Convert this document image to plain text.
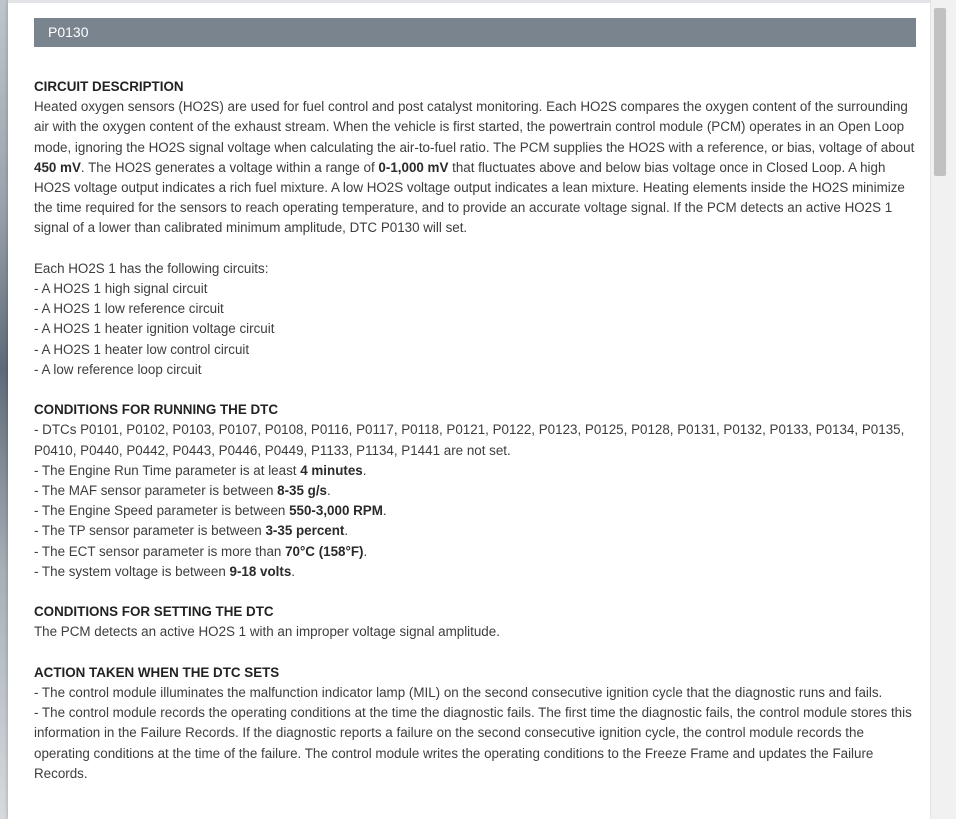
P0130

CIRCUIT DESCRIPTION

Heated oxygen sensors (HO2S) are used for fuel control and post catalyst monitoring. Each HO2S compares the oxygen content of the surrounding air with the oxygen content of the exhaust stream. When the vehicle is first started, the powertrain control module (PCM) operates in an Open Loop mode, ignoring the HO2S signal voltage when calculating the air-to-fuel ratio. The PCM supplies the HO2S with a reference, or bias, voltage of about 450 mV. The HO2S generates a voltage within a range of 0-1,000 mV that fluctuates above and below bias voltage once in Closed Loop. A high HO2S voltage output indicates a rich fuel mixture. A low HO2S voltage output indicates a lean mixture. Heating elements inside the HO2S minimize the time required for the sensors to reach operating temperature, and to provide an accurate voltage signal. If the PCM detects an active HO2S 1 signal of a lower than calibrated minimum amplitude, DTC P0130 will set.

Each HO2S 1 has the following circuits:

- A HO2S 1 high signal circuit

- A HO2S 1 low reference circuit

- A HO2S 1 heater ignition voltage circuit

- A HO2S 1 heater low control circuit

- A low reference loop circuit

CONDITIONS FOR RUNNING THE DTC

- DTCs P0101, P0102, P0103, P0107, P0108, P0116, P0117, P0118, P0121, P0122, P0123, P0125, P0128, P0131, P0132, P0133, P0134, P0135, P0410, P0440, P0442, P0443, P0446, P0449, P1133, P1134, P1441 are not set.

- The Engine Run Time parameter is at least 4 minutes.

- The MAF sensor parameter is between 8-35 g/s.

- The Engine Speed parameter is between 550-3,000 RPM.

- The TP sensor parameter is between 3-35 percent.

- The ECT sensor parameter is more than 70°C (158°F).

- The system voltage is between 9-18 volts.

CONDITIONS FOR SETTING THE DTC

The PCM detects an active HO2S 1 with an improper voltage signal amplitude.

ACTION TAKEN WHEN THE DTC SETS

- The control module illuminates the malfunction indicator lamp (MIL) on the second consecutive ignition cycle that the diagnostic runs and fails.

- The control module records the operating conditions at the time the diagnostic fails. The first time the diagnostic fails, the control module stores this information in the Failure Records. If the diagnostic reports a failure on the second consecutive ignition cycle, the control module records the operating conditions at the time of the failure. The control module writes the operating conditions to the Freeze Frame and updates the Failure Records.
